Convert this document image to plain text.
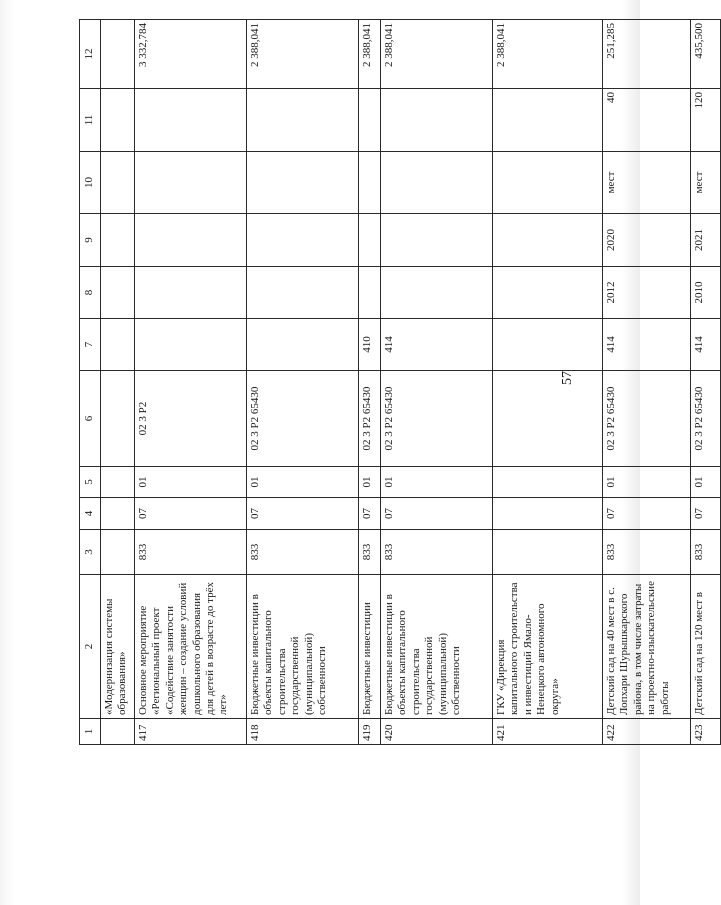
57
1	2	3	4	5	6	7	8	9	10	11	12
	«Модернизация системы образования»										
417	Основное мероприятие «Региональный проект «Содействие занятости женщин – создание условий дошкольного образования для детей в возрасте до трёх лет»	833	07	01	02 3 Р2						3 332,784
418	Бюджетные инвестиции в объекты капитального строительства государственной (муниципальной) собственности	833	07	01	02 3 Р2 65430						2 388,041
419	Бюджетные инвестиции	833	07	01	02 3 Р2 65430	410					2 388,041
420	Бюджетные инвестиции в объекты капитального строительства государственной (муниципальной) собственности	833	07	01	02 3 Р2 65430	414					2 388,041
421	ГКУ «Дирекция капитального строительства и инвестиций Ямало-Ненецкого автономного округа»										2 388,041
422	Детский сад на 40 мест в с. Лопхари Шурышкарского района, в том числе затраты на проектно-изыскательские работы	833	07	01	02 3 Р2 65430	414	2012	2020	мест	40	251,285
423	Детский сад на 120 мест в	833	07	01	02 3 Р2 65430	414	2010	2021	мест	120	435,500
